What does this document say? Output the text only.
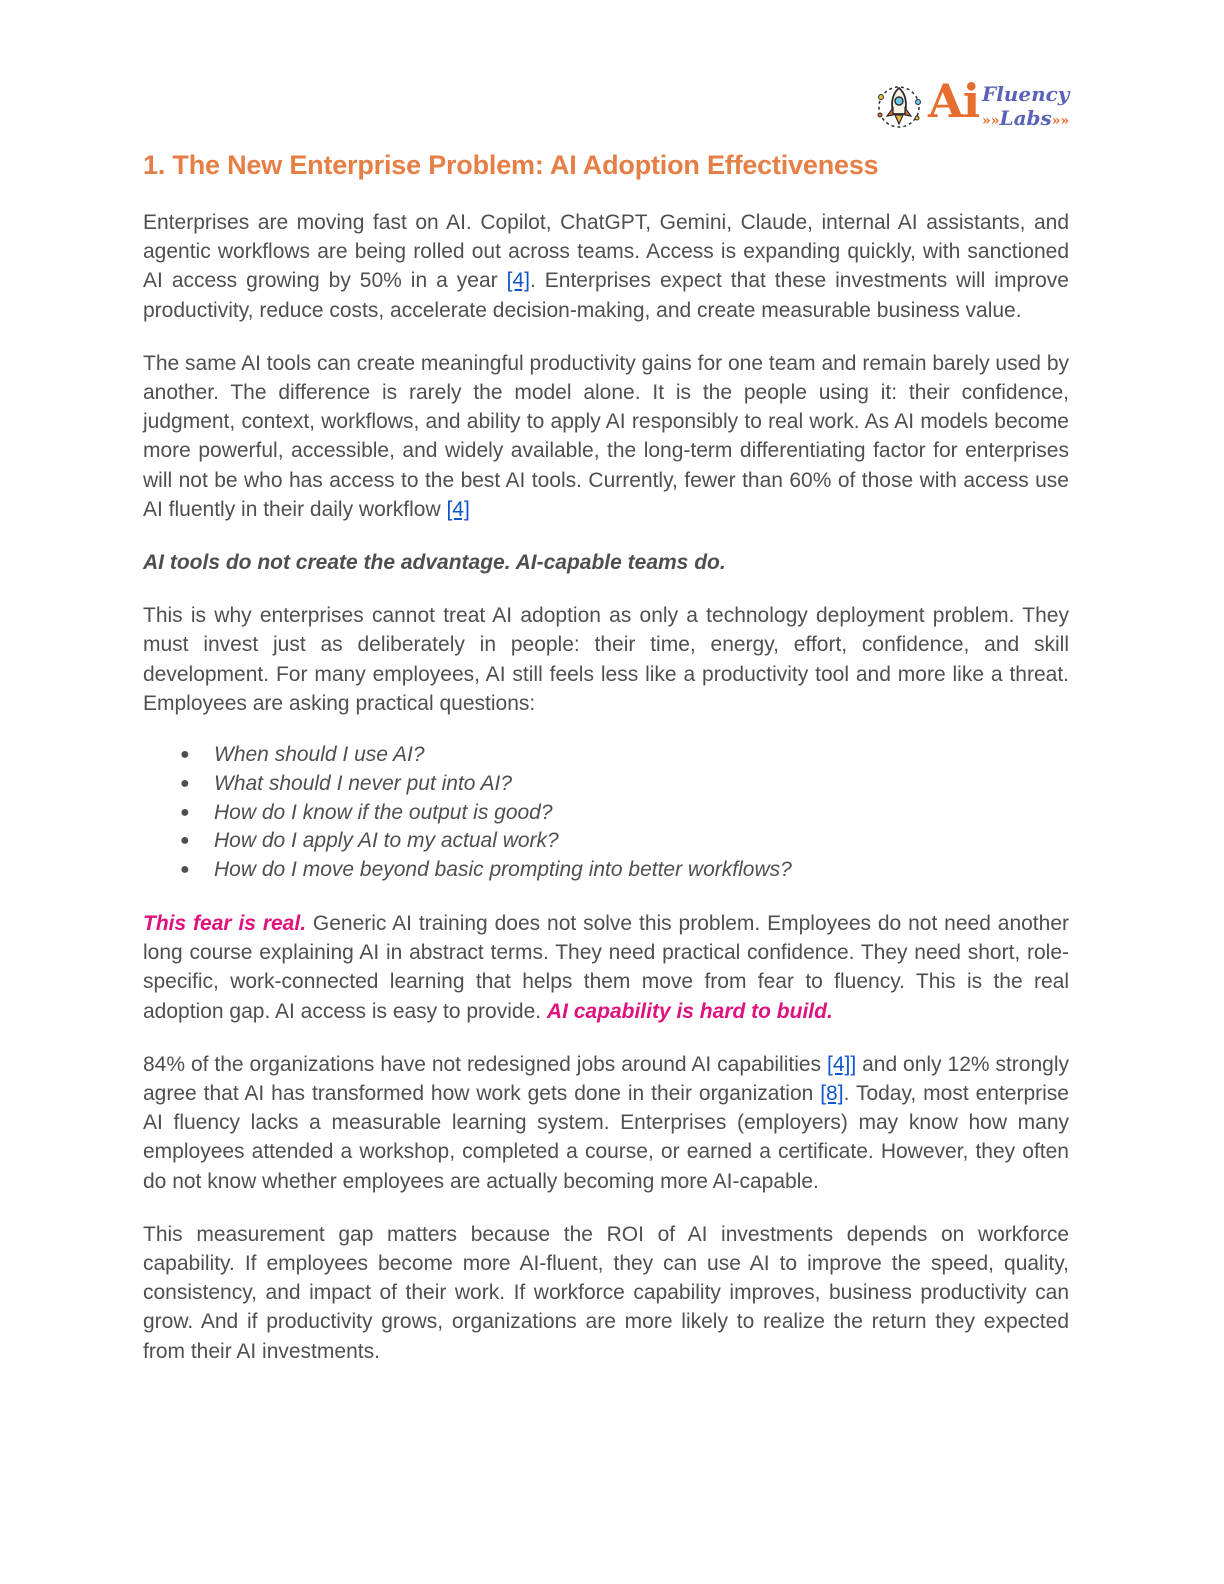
Ai Fluency
»»Labs»»
1. The New Enterprise Problem: AI Adoption Effectiveness

Enterprises are moving fast on AI. Copilot, ChatGPT, Gemini, Claude, internal AI assistants, and agentic workflows are being rolled out across teams. Access is expanding quickly, with sanctioned AI access growing by 50% in a year [4]. Enterprises expect that these investments will improve productivity, reduce costs, accelerate decision-making, and create measurable business value.

The same AI tools can create meaningful productivity gains for one team and remain barely used by another. The difference is rarely the model alone. It is the people using it: their confidence, judgment, context, workflows, and ability to apply AI responsibly to real work. As AI models become more powerful, accessible, and widely available, the long-term differentiating factor for enterprises will not be who has access to the best AI tools. Currently, fewer than 60% of those with access use AI fluently in their daily workflow [4]

AI tools do not create the advantage. AI-capable teams do.

This is why enterprises cannot treat AI adoption as only a technology deployment problem. They must invest just as deliberately in people: their time, energy, effort, confidence, and skill development. For many employees, AI still feels less like a productivity tool and more like a threat. Employees are asking practical questions:

● When should I use AI?
● What should I never put into AI?
● How do I know if the output is good?
● How do I apply AI to my actual work?
● How do I move beyond basic prompting into better workflows?

This fear is real. Generic AI training does not solve this problem. Employees do not need another long course explaining AI in abstract terms. They need practical confidence. They need short, role-specific, work-connected learning that helps them move from fear to fluency. This is the real adoption gap. AI access is easy to provide. AI capability is hard to build.

84% of the organizations have not redesigned jobs around AI capabilities [4]] and only 12% strongly agree that AI has transformed how work gets done in their organization [8]. Today, most enterprise AI fluency lacks a measurable learning system. Enterprises (employers) may know how many employees attended a workshop, completed a course, or earned a certificate. However, they often do not know whether employees are actually becoming more AI-capable.

This measurement gap matters because the ROI of AI investments depends on workforce capability. If employees become more AI-fluent, they can use AI to improve the speed, quality, consistency, and impact of their work. If workforce capability improves, business productivity can grow. And if productivity grows, organizations are more likely to realize the return they expected from their AI investments.
